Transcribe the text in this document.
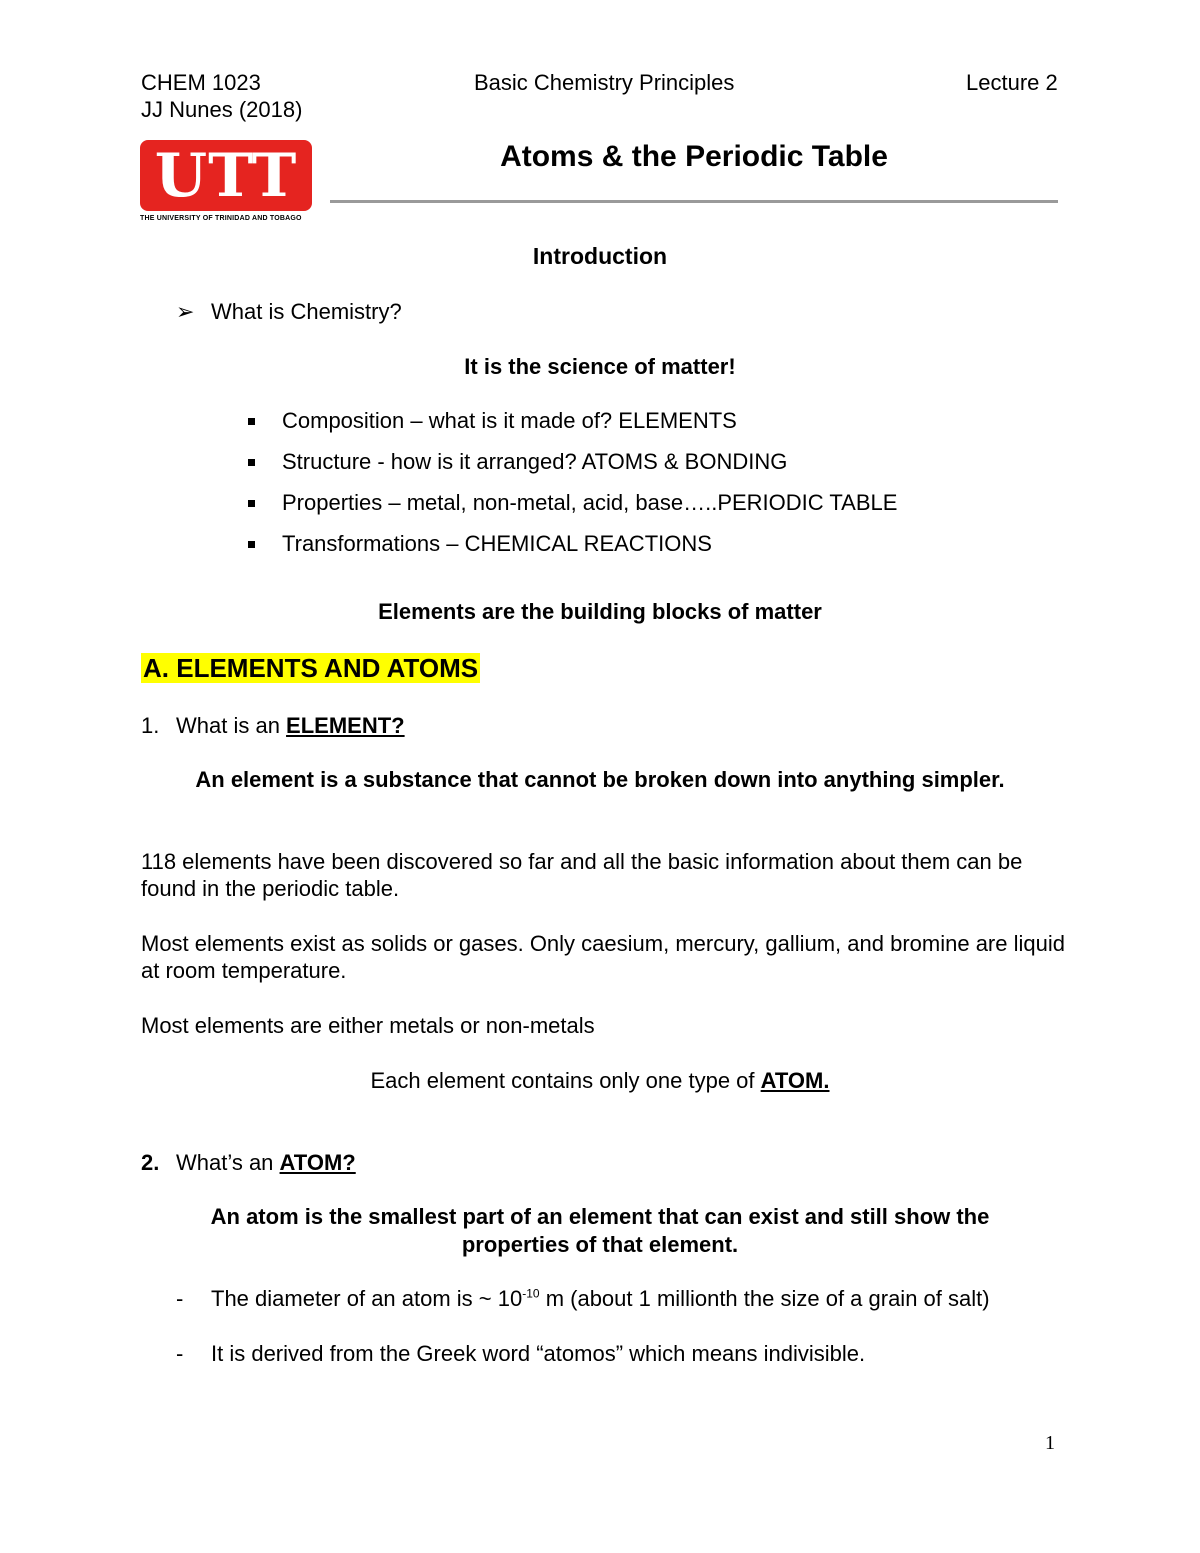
CHEM 1023	Basic Chemistry Principles	Lecture 2
JJ Nunes (2018)
UTT
THE UNIVERSITY OF TRINIDAD AND TOBAGO
Atoms & the Periodic Table
Introduction
➢ What is Chemistry?
It is the science of matter!
Composition – what is it made of? ELEMENTS
Structure - how is it arranged? ATOMS & BONDING
Properties – metal, non-metal, acid, base…..PERIODIC TABLE
Transformations – CHEMICAL REACTIONS
Elements are the building blocks of matter
A. ELEMENTS AND ATOMS
1. What is an ELEMENT?
An element is a substance that cannot be broken down into anything simpler.
118 elements have been discovered so far and all the basic information about them can be
found in the periodic table.
Most elements exist as solids or gases. Only caesium, mercury, gallium, and bromine are liquid
at room temperature.
Most elements are either metals or non-metals
Each element contains only one type of ATOM.
2. What’s an ATOM?
An atom is the smallest part of an element that can exist and still show the
properties of that element.
- The diameter of an atom is ~ $10^{-10}$ m (about 1 millionth the size of a grain of salt)
- It is derived from the Greek word “atomos” which means indivisible.
1
